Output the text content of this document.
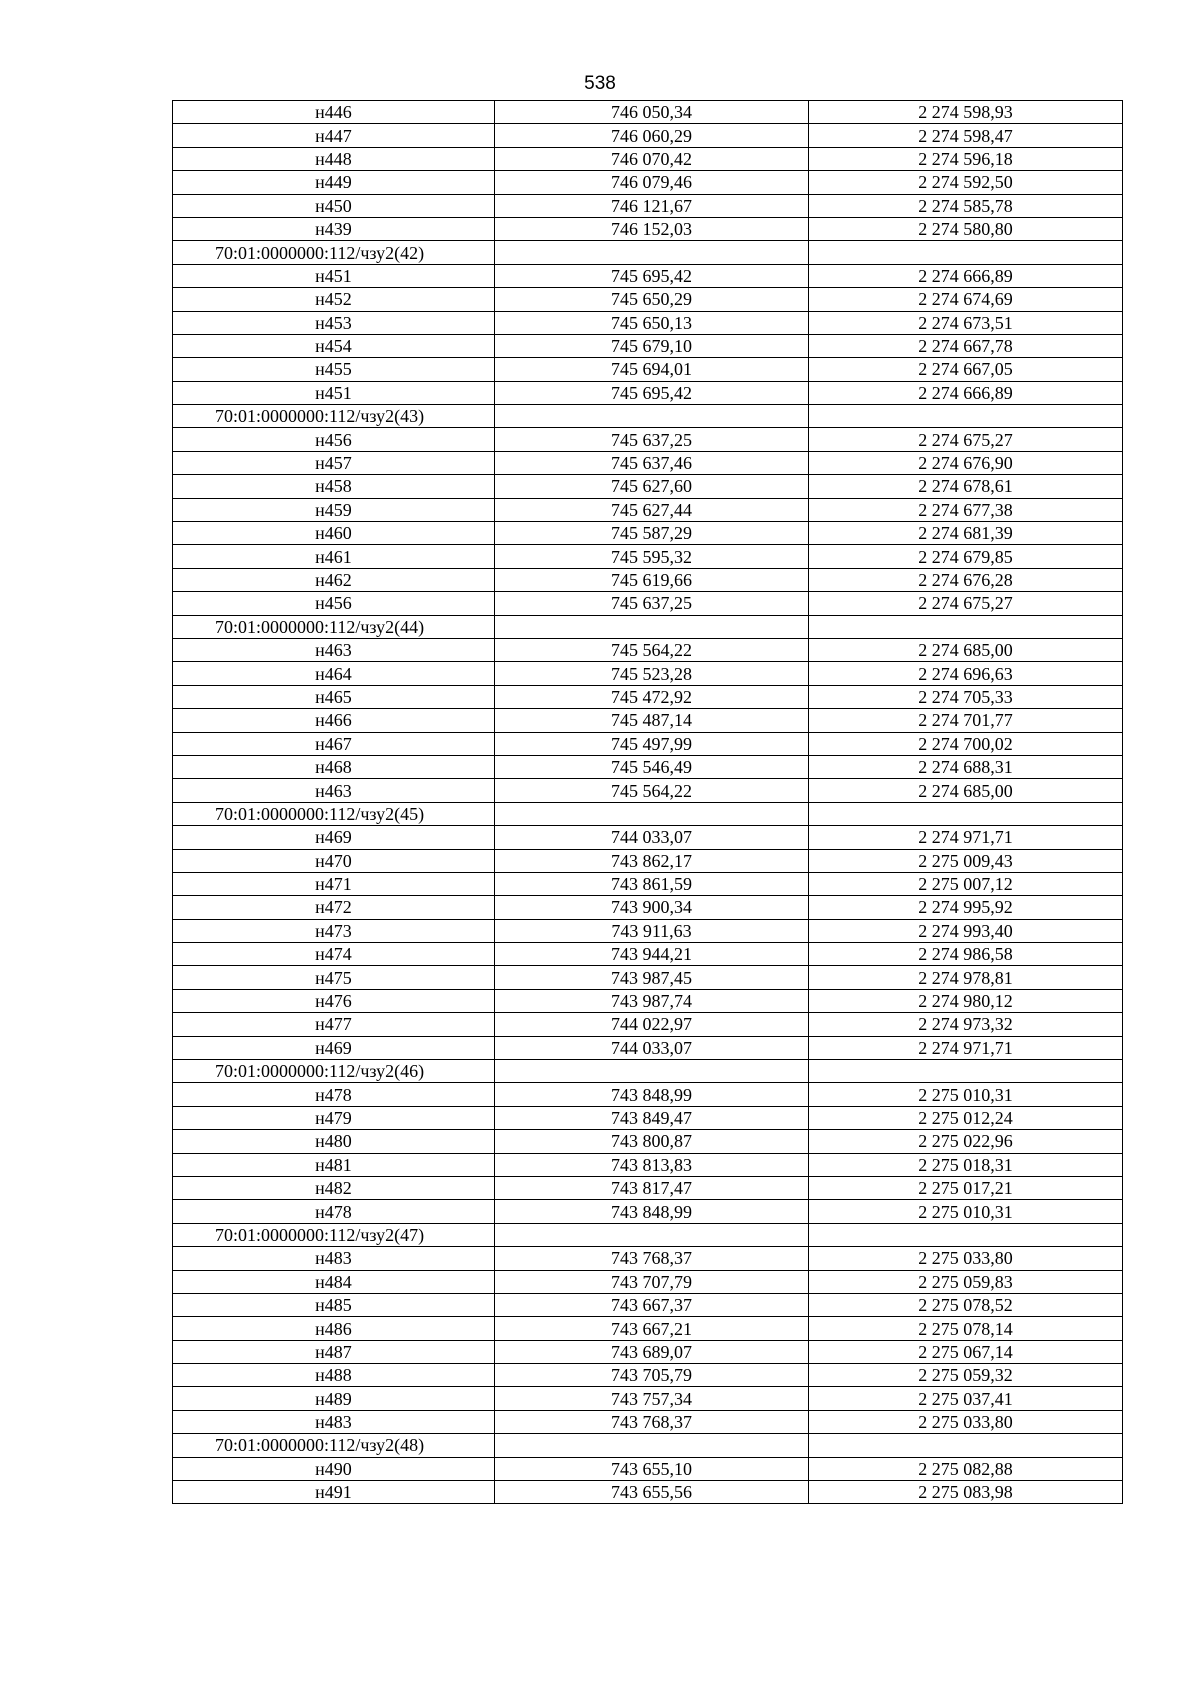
538
н446	746 050,34	2 274 598,93
н447	746 060,29	2 274 598,47
н448	746 070,42	2 274 596,18
н449	746 079,46	2 274 592,50
н450	746 121,67	2 274 585,78
н439	746 152,03	2 274 580,80
70:01:0000000:112/чзу2(42)		
н451	745 695,42	2 274 666,89
н452	745 650,29	2 274 674,69
н453	745 650,13	2 274 673,51
н454	745 679,10	2 274 667,78
н455	745 694,01	2 274 667,05
н451	745 695,42	2 274 666,89
70:01:0000000:112/чзу2(43)		
н456	745 637,25	2 274 675,27
н457	745 637,46	2 274 676,90
н458	745 627,60	2 274 678,61
н459	745 627,44	2 274 677,38
н460	745 587,29	2 274 681,39
н461	745 595,32	2 274 679,85
н462	745 619,66	2 274 676,28
н456	745 637,25	2 274 675,27
70:01:0000000:112/чзу2(44)		
н463	745 564,22	2 274 685,00
н464	745 523,28	2 274 696,63
н465	745 472,92	2 274 705,33
н466	745 487,14	2 274 701,77
н467	745 497,99	2 274 700,02
н468	745 546,49	2 274 688,31
н463	745 564,22	2 274 685,00
70:01:0000000:112/чзу2(45)		
н469	744 033,07	2 274 971,71
н470	743 862,17	2 275 009,43
н471	743 861,59	2 275 007,12
н472	743 900,34	2 274 995,92
н473	743 911,63	2 274 993,40
н474	743 944,21	2 274 986,58
н475	743 987,45	2 274 978,81
н476	743 987,74	2 274 980,12
н477	744 022,97	2 274 973,32
н469	744 033,07	2 274 971,71
70:01:0000000:112/чзу2(46)		
н478	743 848,99	2 275 010,31
н479	743 849,47	2 275 012,24
н480	743 800,87	2 275 022,96
н481	743 813,83	2 275 018,31
н482	743 817,47	2 275 017,21
н478	743 848,99	2 275 010,31
70:01:0000000:112/чзу2(47)		
н483	743 768,37	2 275 033,80
н484	743 707,79	2 275 059,83
н485	743 667,37	2 275 078,52
н486	743 667,21	2 275 078,14
н487	743 689,07	2 275 067,14
н488	743 705,79	2 275 059,32
н489	743 757,34	2 275 037,41
н483	743 768,37	2 275 033,80
70:01:0000000:112/чзу2(48)		
н490	743 655,10	2 275 082,88
н491	743 655,56	2 275 083,98
